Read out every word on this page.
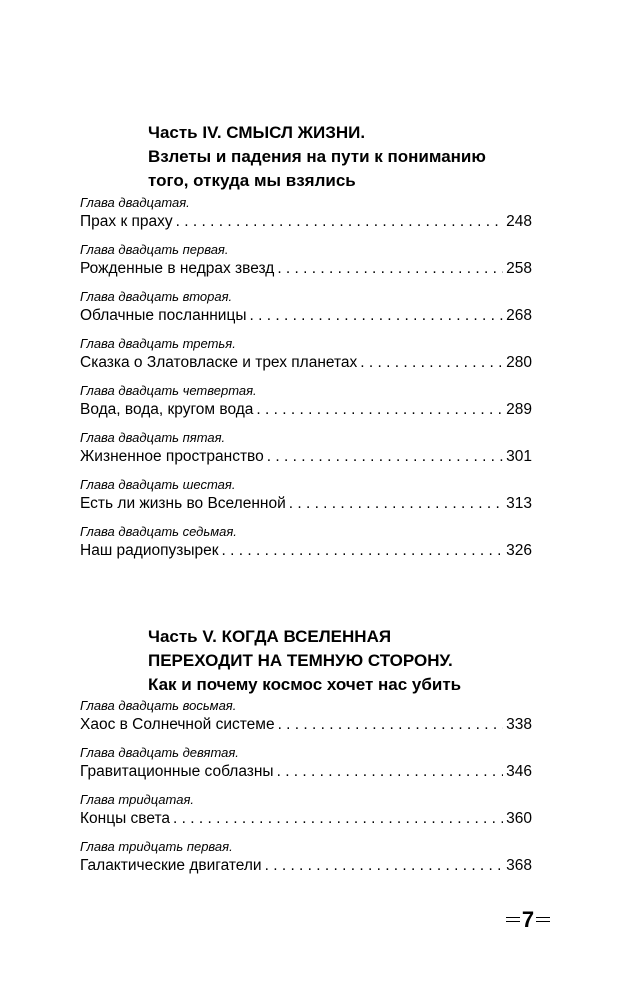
Часть IV. СМЫСЛ ЖИЗНИ.
Взлеты и падения на пути к пониманию
того, откуда мы взялись
Глава двадцатая.
Прах к праху . . .	248
Глава двадцать первая.
Рожденные в недрах звезд . . .	258
Глава двадцать вторая.
Облачные посланницы . . .	268
Глава двадцать третья.
Сказка о Златовласке и трех планетах . . .	280
Глава двадцать четвертая.
Вода, вода, кругом вода . . .	289
Глава двадцать пятая.
Жизненное пространство . . .	301
Глава двадцать шестая.
Есть ли жизнь во Вселенной . . .	313
Глава двадцать седьмая.
Наш радиопузырек . . .	326
Часть V. КОГДА ВСЕЛЕННАЯ
ПЕРЕХОДИТ НА ТЕМНУЮ СТОРОНУ.
Как и почему космос хочет нас убить
Глава двадцать восьмая.
Хаос в Солнечной системе . . .	338
Глава двадцать девятая.
Гравитационные соблазны . . .	346
Глава тридцатая.
Концы света . . .	360
Глава тридцать первая.
Галактические двигатели . . .	368
7
